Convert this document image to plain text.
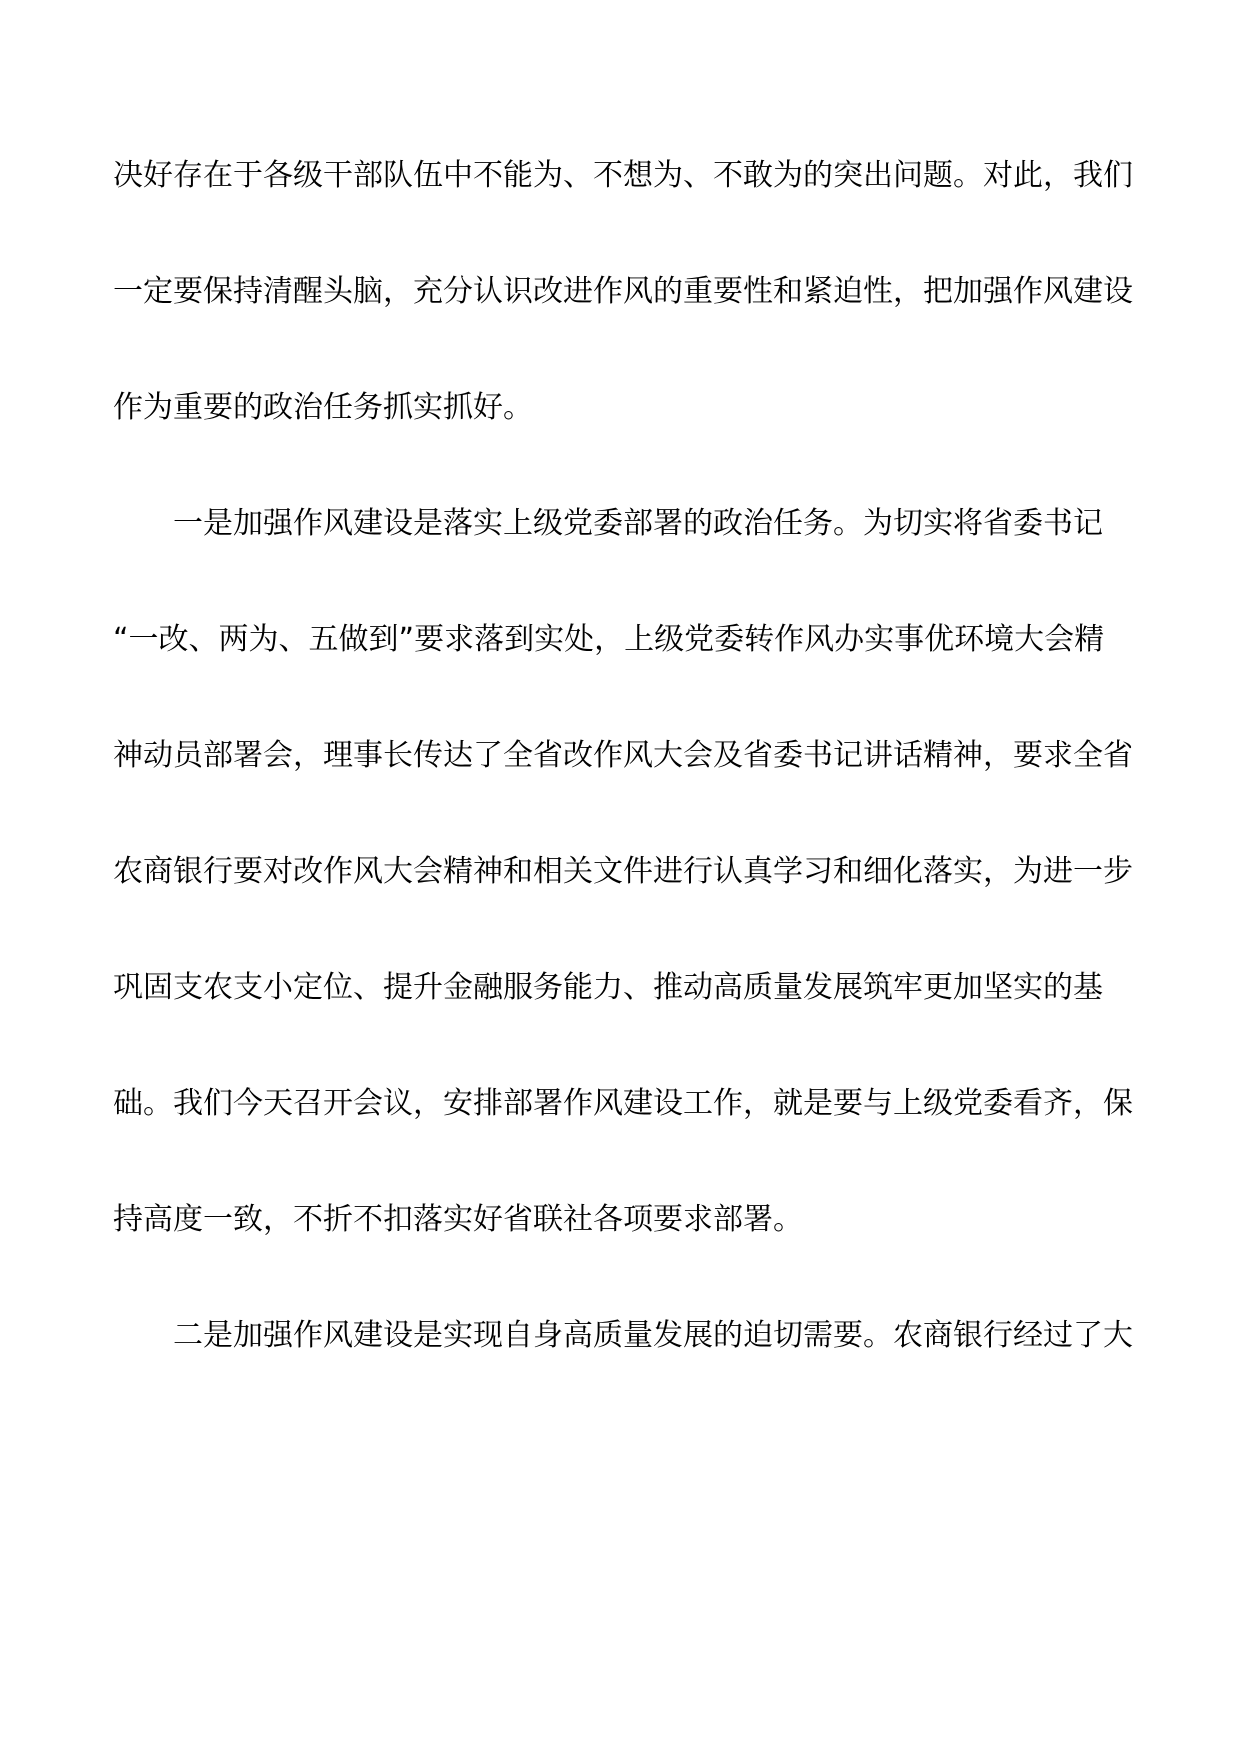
决好存在于各级干部队伍中不能为、不想为、不敢为的突出问题。对此，我们
一定要保持清醒头脑，充分认识改进作风的重要性和紧迫性，把加强作风建设
作为重要的政治任务抓实抓好。
一是加强作风建设是落实上级党委部署的政治任务。为切实将省委书记
“一改、两为、五做到”要求落到实处，上级党委转作风办实事优环境大会精
神动员部署会，理事长传达了全省改作风大会及省委书记讲话精神，要求全省
农商银行要对改作风大会精神和相关文件进行认真学习和细化落实，为进一步
巩固支农支小定位、提升金融服务能力、推动高质量发展筑牢更加坚实的基
础。我们今天召开会议，安排部署作风建设工作，就是要与上级党委看齐，保
持高度一致，不折不扣落实好省联社各项要求部署。
二是加强作风建设是实现自身高质量发展的迫切需要。农商银行经过了大
